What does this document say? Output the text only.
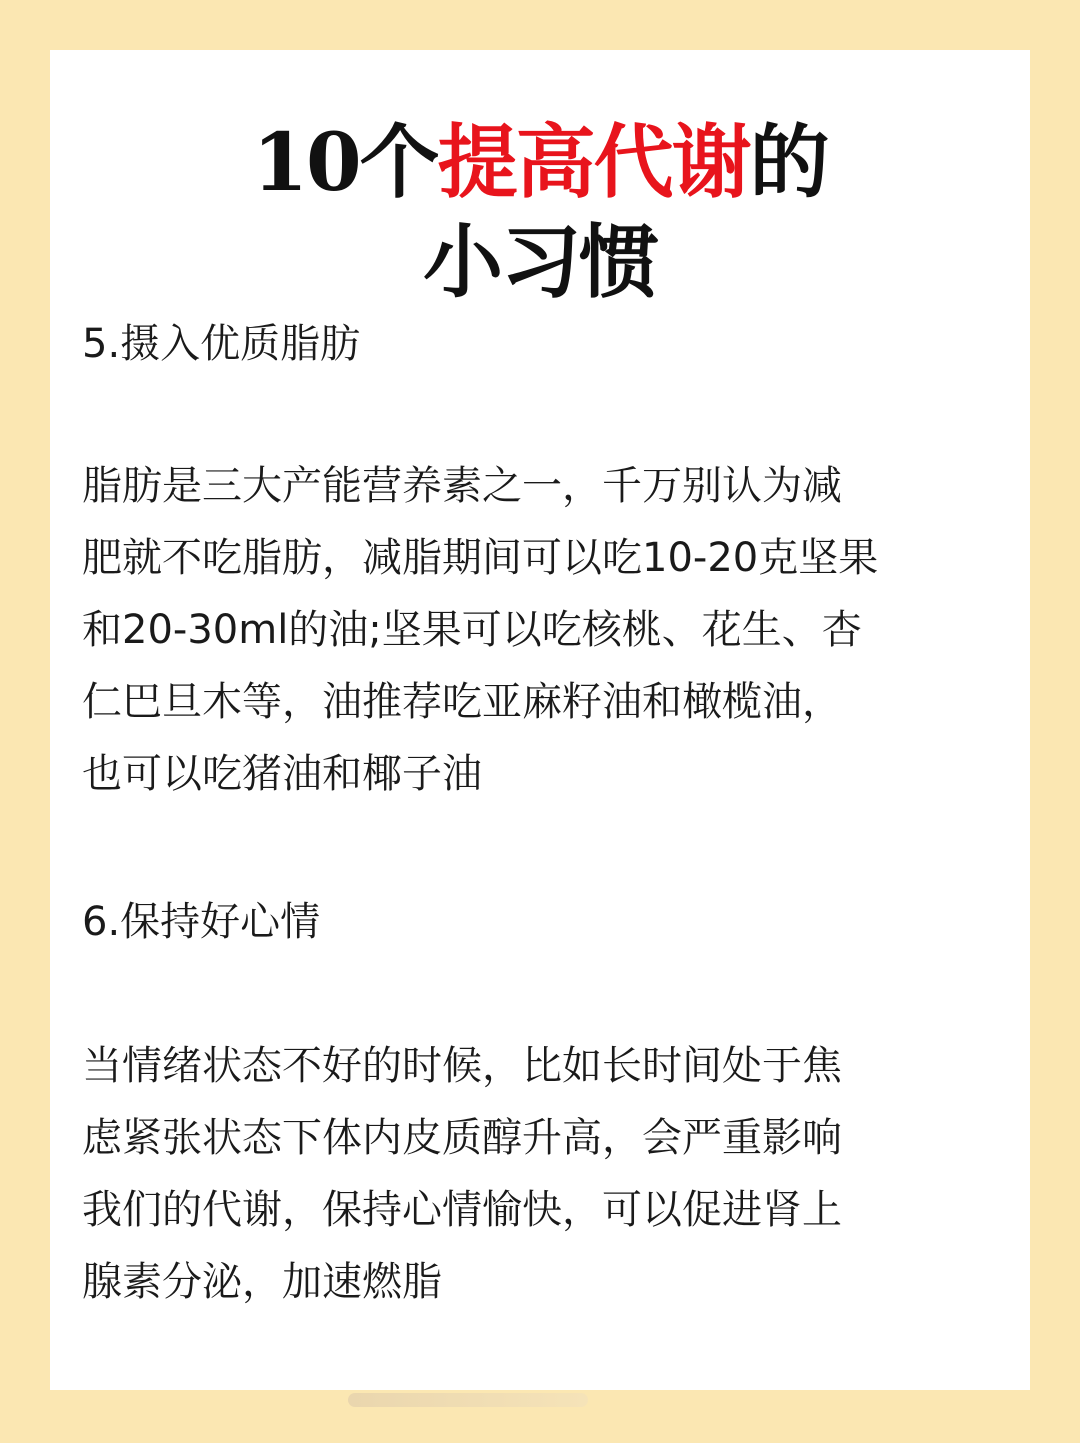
10个提高代谢的
小习惯
5.摄入优质脂肪
脂肪是三大产能营养素之一，千万别认为减
肥就不吃脂肪，减脂期间可以吃10-20克坚果
和20-30ml的油;坚果可以吃核桃、花生、杏
仁巴旦木等，油推荐吃亚麻籽油和橄榄油，
也可以吃猪油和椰子油
6.保持好心情
当情绪状态不好的时候，比如长时间处于焦
虑紧张状态下体内皮质醇升高，会严重影响
我们的代谢，保持心情愉快，可以促进肾上
腺素分泌，加速燃脂
